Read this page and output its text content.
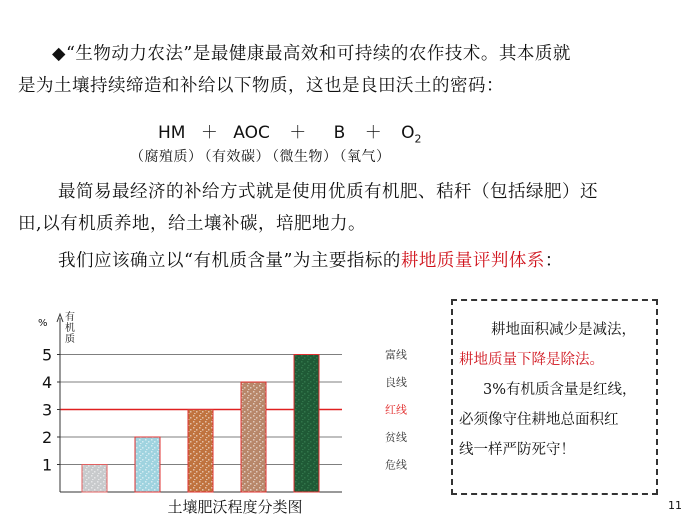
◆“生物动力农法”是最健康最高效和可持续的农作技术。其本质就
是为土壤持续缔造和补给以下物质，这也是良田沃土的密码：
HM ＋ AOC ＋ $B + O_2$
（腐殖质） （有效碳） （微生物） （氧气）
最简易最经济的补给方式就是使用优质有机肥、秸秆（包括绿肥）还
田,以有机质养地，给土壤补碳，培肥地力。
我们应该确立以“有机质含量”为主要指标的耕地质量评判体系：
富线
良线
红线
贫线
危线
1
2
3
4
5
%
有
机
质
土壤肥沃程度分类图
耕地面积减少是减法，
耕地质量下降是除法。
3%有机质含量是红线，
必须像守住耕地总面积红
线一样严防死守！
11
